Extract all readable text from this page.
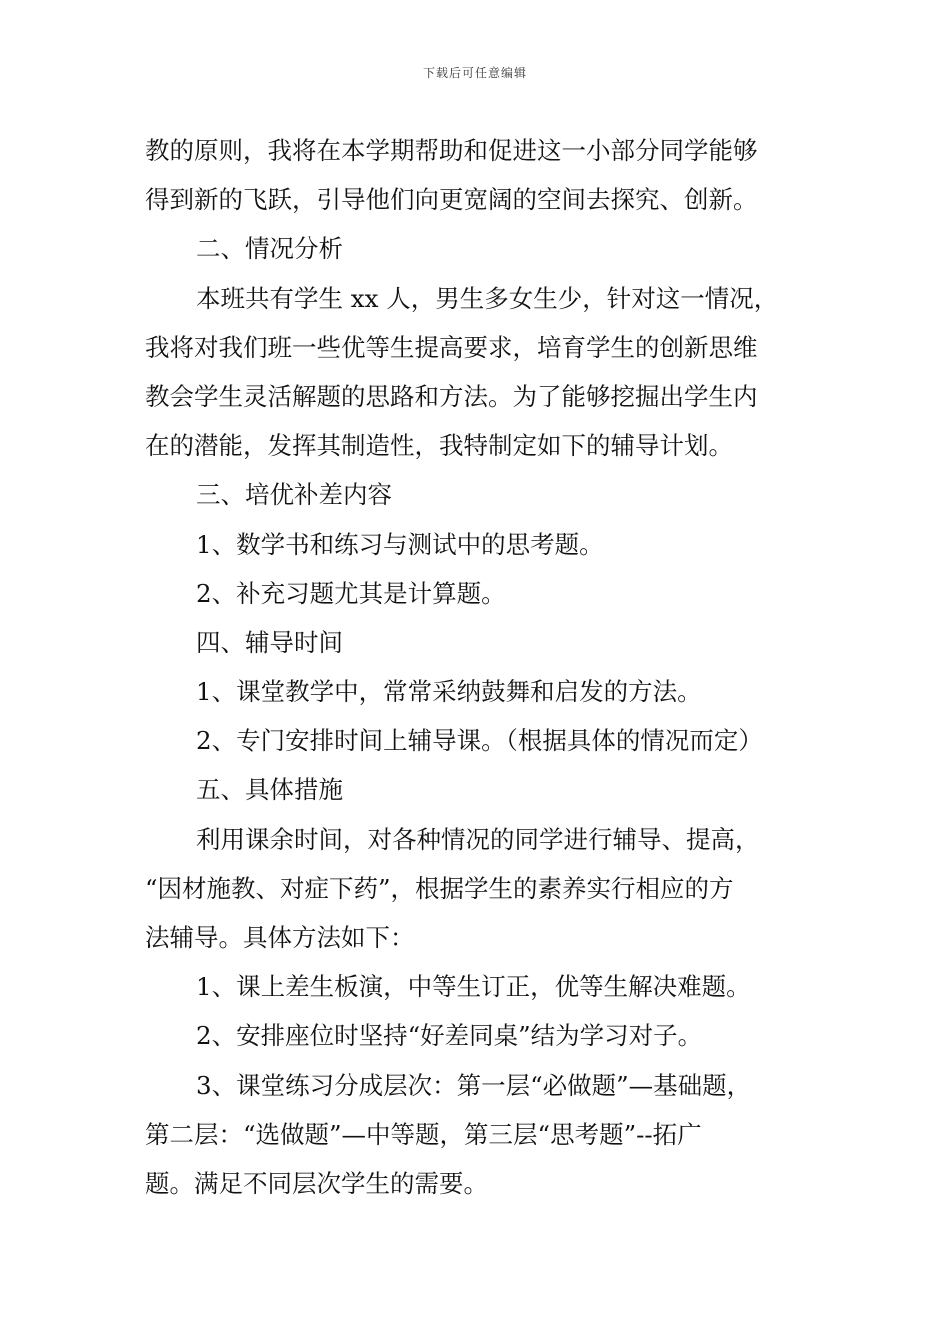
下载后可任意编辑
教的原则，我将在本学期帮助和促进这一小部分同学能够
得到新的飞跃，引导他们向更宽阔的空间去探究、创新。
二、情况分析
本班共有学生 xx 人，男生多女生少，针对这一情况，
我将对我们班一些优等生提高要求，培育学生的创新思维
教会学生灵活解题的思路和方法。为了能够挖掘出学生内
在的潜能，发挥其制造性，我特制定如下的辅导计划。
三、培优补差内容
1、数学书和练习与测试中的思考题。
2、补充习题尤其是计算题。
四、辅导时间
1、课堂教学中，常常采纳鼓舞和启发的方法。
2、专门安排时间上辅导课。（根据具体的情况而定）
五、具体措施
利用课余时间，对各种情况的同学进行辅导、提高，
“因材施教、对症下药”，根据学生的素养实行相应的方
法辅导。具体方法如下：
1、课上差生板演，中等生订正，优等生解决难题。
2、安排座位时坚持“好差同桌”结为学习对子。
3、课堂练习分成层次：第一层“必做题”—基础题，
第二层：“选做题”—中等题，第三层“思考题”--拓广
题。满足不同层次学生的需要。
